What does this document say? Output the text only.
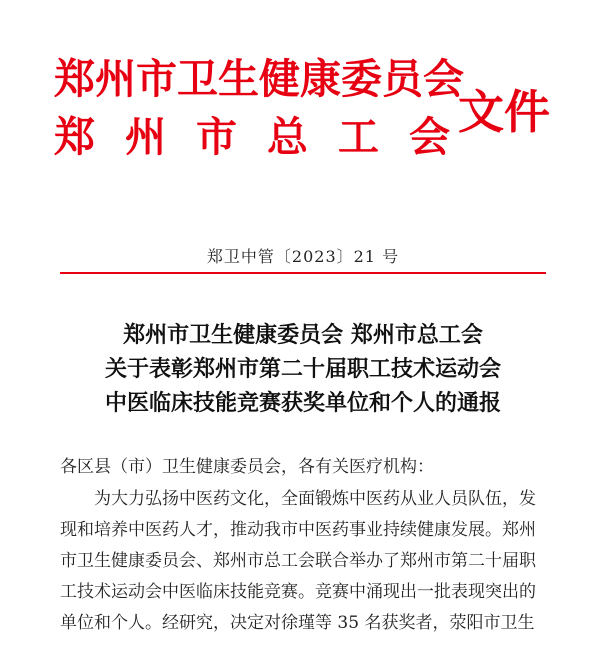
郑州市卫生健康委员会
郑 州 市 总 工 会 文件
郑卫中管〔2023〕21 号
郑州市卫生健康委员会 郑州市总工会
关于表彰郑州市第二十届职工技术运动会
中医临床技能竞赛获奖单位和个人的通报
各区县（市）卫生健康委员会，各有关医疗机构：
为大力弘扬中医药文化，全面锻炼中医药从业人员队伍，发
现和培养中医药人才，推动我市中医药事业持续健康发展。郑州
市卫生健康委员会、郑州市总工会联合举办了郑州市第二十届职
工技术运动会中医临床技能竞赛。竞赛中涌现出一批表现突出的
单位和个人。经研究，决定对徐瑾等 35 名获奖者，荥阳市卫生
